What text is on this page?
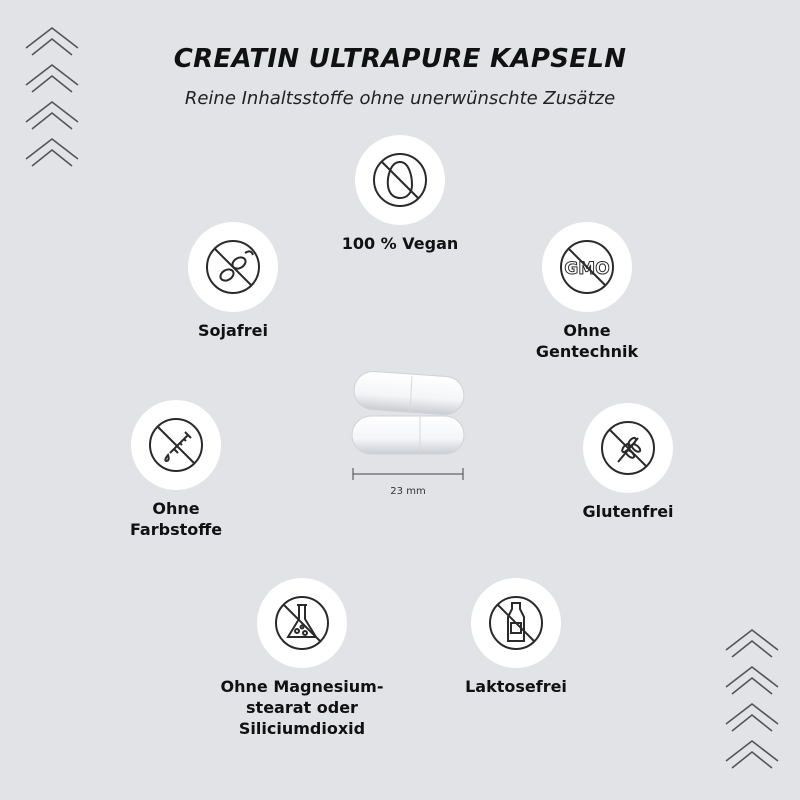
CREATIN ULTRAPURE KAPSELN

Reine Inhaltsstoffe ohne unerwünschte Zusätze

100 % Vegan
Sojafrei
GMO
Ohne
Gentechnik
Ohne
Farbstoffe
Glutenfrei
Ohne Magnesium-
stearat oder
Siliciumdioxid
Laktosefrei
23 mm
